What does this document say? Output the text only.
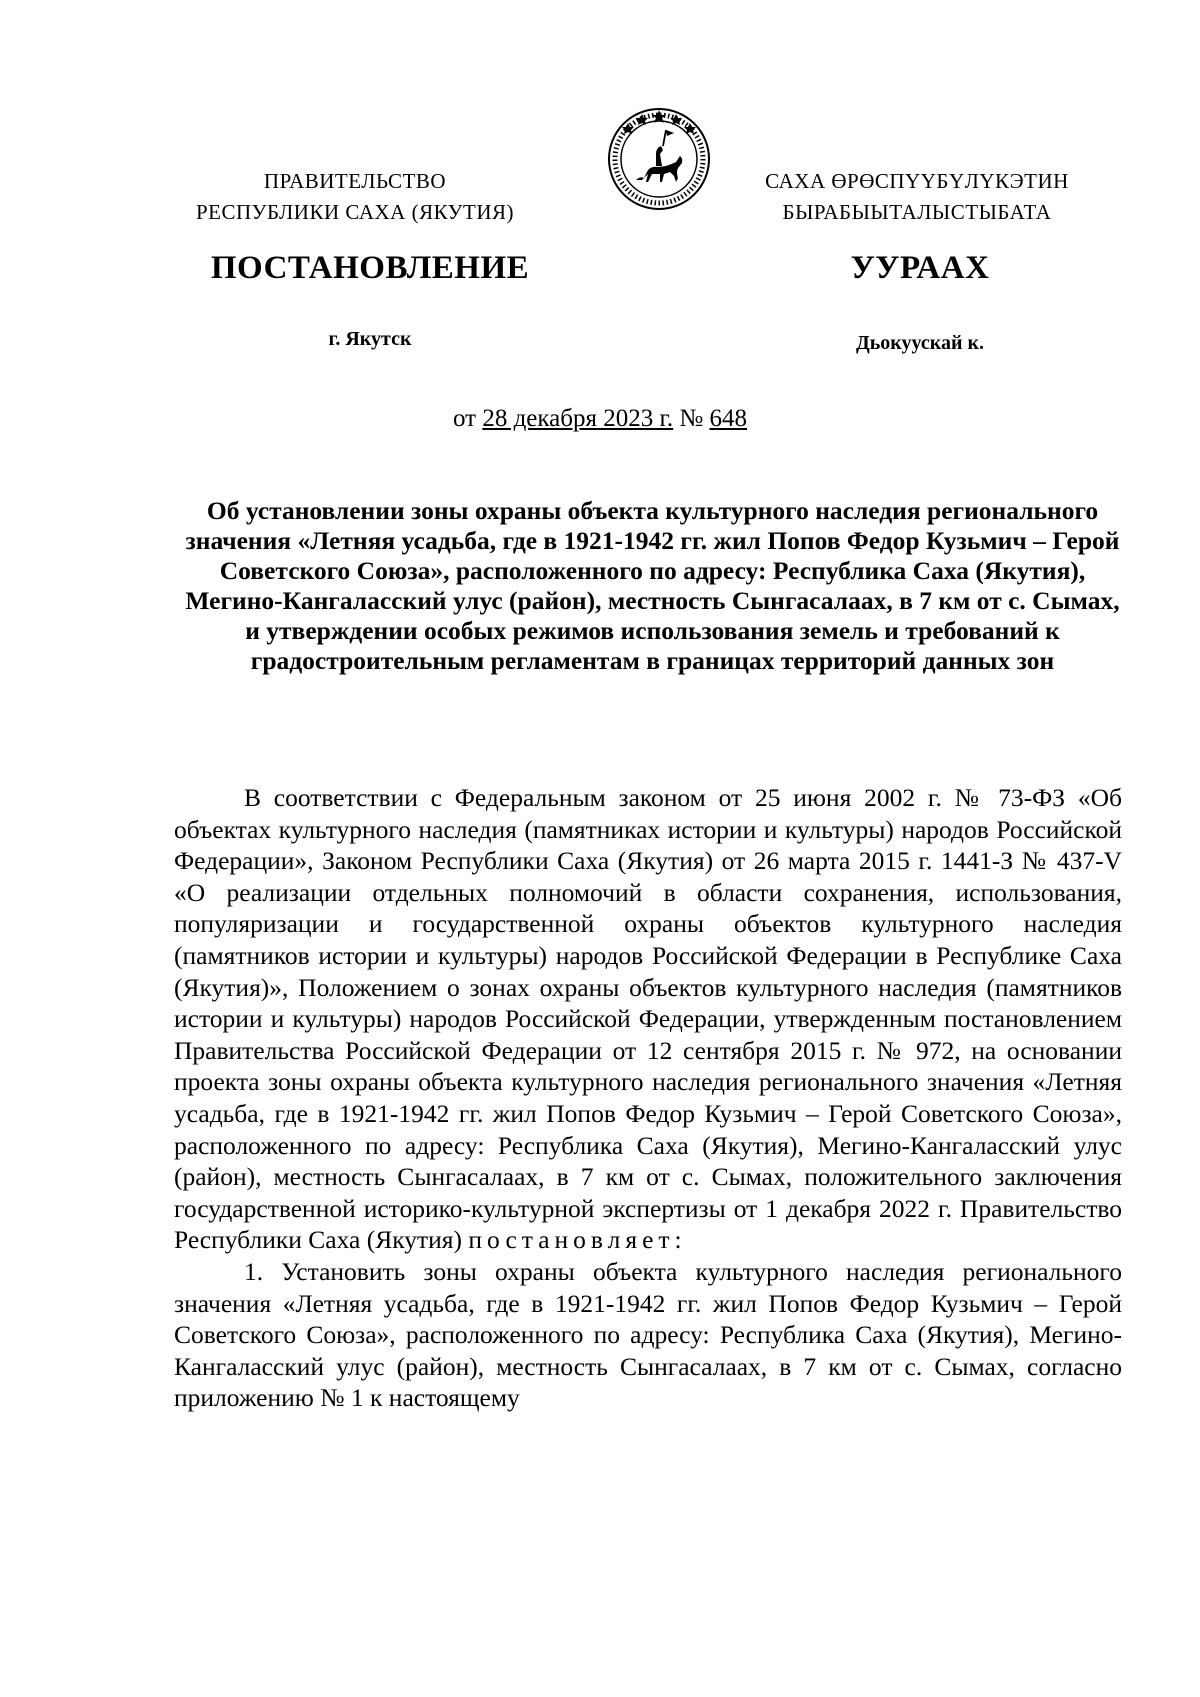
ПРАВИТЕЛЬСТВО
РЕСПУБЛИКИ САХА (ЯКУТИЯ)
САХА ӨРӨСПҮҮБҮЛҮКЭТИН
БЫРАБЫЫТАЛЫСТЫБАТА
ПОСТАНОВЛЕНИЕ	УУРААХ
г. Якутск	Дьокуускай к.
от 28 декабря 2023 г. № 648
Об установлении зоны охраны объекта культурного наследия регионального значения «Летняя усадьба, где в 1921-1942 гг. жил Попов Федор Кузьмич – Герой Советского Союза», расположенного по адресу: Республика Саха (Якутия), Мегино-Кангаласский улус (район), местность Сынгасалаах, в 7 км от с. Сымах, и утверждении особых режимов использования земель и требований к градостроительным регламентам в границах территорий данных зон

В соответствии с Федеральным законом от 25 июня 2002 г. № 73-ФЗ «Об объектах культурного наследия (памятниках истории и культуры) народов Российской Федерации», Законом Республики Саха (Якутия) от 26 марта 2015 г. 1441-З № 437-V «О реализации отдельных полномочий в области сохранения, использования, популяризации и государственной охраны объектов культурного наследия (памятников истории и культуры) народов Российской Федерации в Республике Саха (Якутия)», Положением о зонах охраны объектов культурного наследия (памятников истории и культуры) народов Российской Федерации, утвержденным постановлением Правительства Российской Федерации от 12 сентября 2015 г. № 972, на основании проекта зоны охраны объекта культурного наследия регионального значения «Летняя усадьба, где в 1921-1942 гг. жил Попов Федор Кузьмич – Герой Советского Союза», расположенного по адресу: Республика Саха (Якутия), Мегино-Кангаласский улус (район), местность Сынгасалаах, в 7 км от с. Сымах, положительного заключения государственной историко-культурной экспертизы от 1 декабря 2022 г. Правительство Республики Саха (Якутия) постановляет:

1. Установить зоны охраны объекта культурного наследия регионального значения «Летняя усадьба, где в 1921-1942 гг. жил Попов Федор Кузьмич – Герой Советского Союза», расположенного по адресу: Республика Саха (Якутия), Мегино-Кангаласский улус (район), местность Сынгасалаах, в 7 км от с. Сымах, согласно приложению № 1 к настоящему
